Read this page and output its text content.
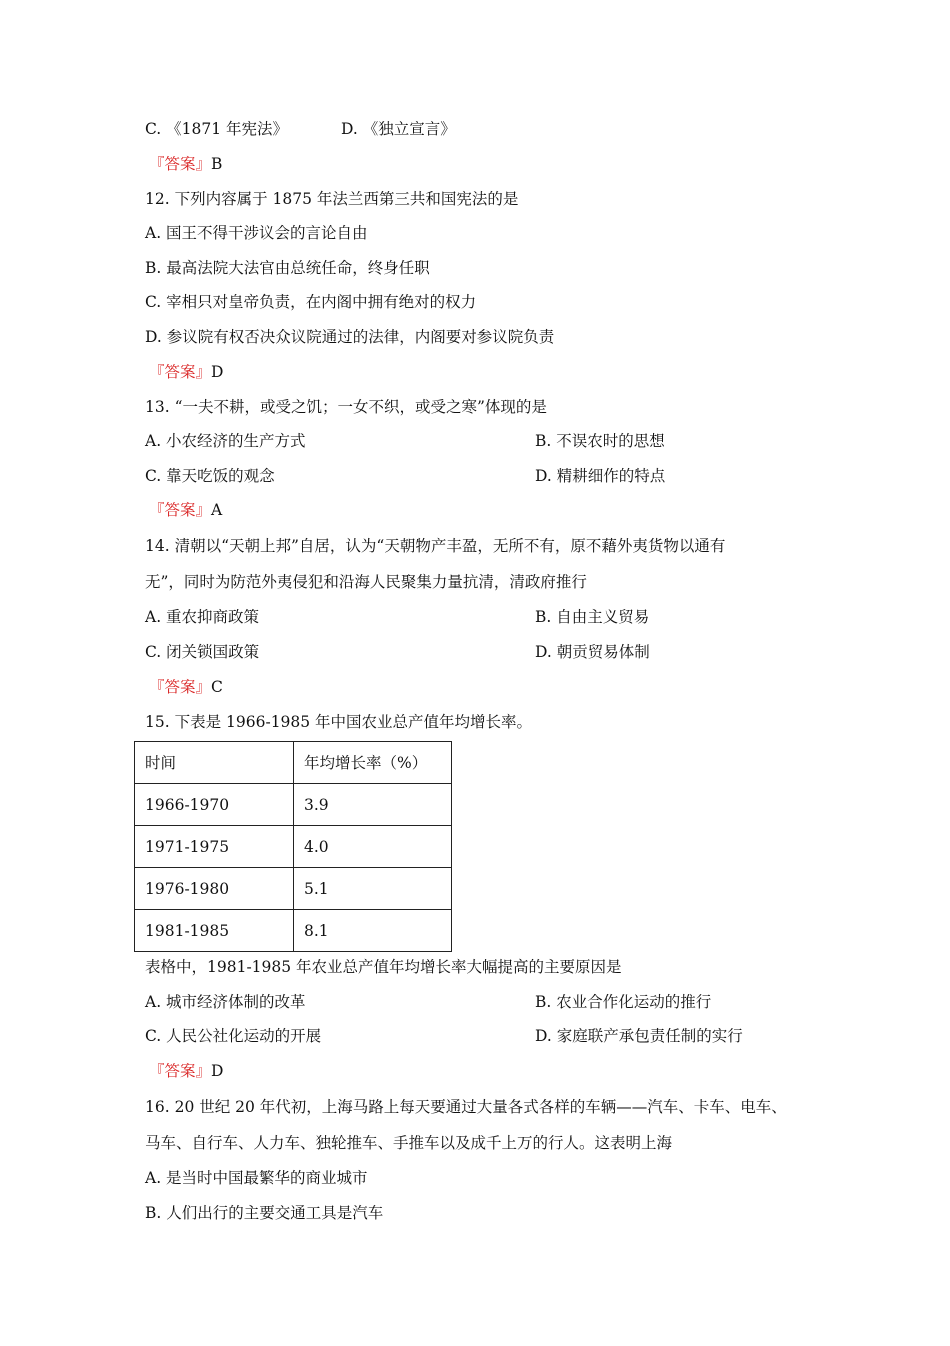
C. 《1871 年宪法》	D. 《独立宣言》
『答案』B
12. 下列内容属于 1875 年法兰西第三共和国宪法的是
A. 国王不得干涉议会的言论自由
B. 最高法院大法官由总统任命，终身任职
C. 宰相只对皇帝负责，在内阁中拥有绝对的权力
D. 参议院有权否决众议院通过的法律，内阁要对参议院负责
『答案』D
13. “一夫不耕，或受之饥；一女不织，或受之寒”体现的是
A. 小农经济的生产方式	B. 不误农时的思想
C. 靠天吃饭的观念	D. 精耕细作的特点
『答案』A
14. 清朝以“天朝上邦”自居，认为“天朝物产丰盈，无所不有，原不藉外夷货物以通有
无”，同时为防范外夷侵犯和沿海人民聚集力量抗清，清政府推行
A. 重农抑商政策	B. 自由主义贸易
C. 闭关锁国政策	D. 朝贡贸易体制
『答案』C
15. 下表是 1966-1985 年中国农业总产值年均增长率。
时间	年均增长率（%）
1966-1970	3.9
1971-1975	4.0
1976-1980	5.1
1981-1985	8.1
表格中，1981-1985 年农业总产值年均增长率大幅提高的主要原因是
A. 城市经济体制的改革	B. 农业合作化运动的推行
C. 人民公社化运动的开展	D. 家庭联产承包责任制的实行
『答案』D
16. 20 世纪 20 年代初，上海马路上每天要通过大量各式各样的车辆——汽车、卡车、电车、
马车、自行车、人力车、独轮推车、手推车以及成千上万的行人。这表明上海
A. 是当时中国最繁华的商业城市
B. 人们出行的主要交通工具是汽车
